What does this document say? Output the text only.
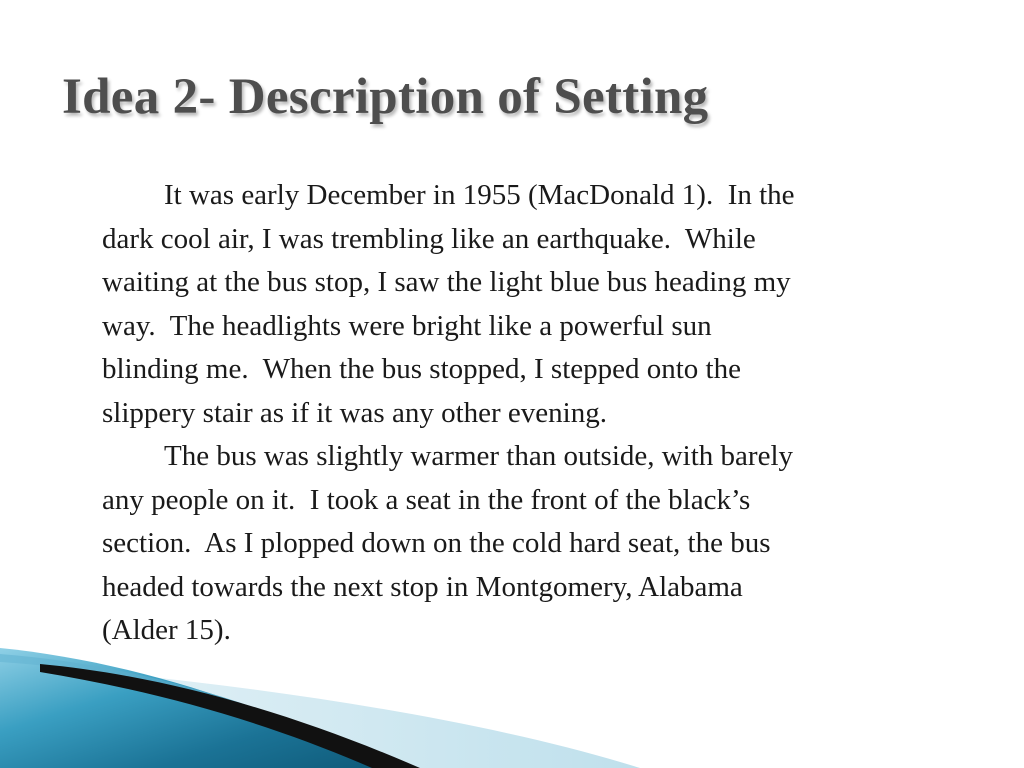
Idea 2- Description of Setting

It was early December in 1955 (MacDonald 1).  In the
dark cool air, I was trembling like an earthquake.  While
waiting at the bus stop, I saw the light blue bus heading my
way.  The headlights were bright like a powerful sun
blinding me.  When the bus stopped, I stepped onto the
slippery stair as if it was any other evening.

The bus was slightly warmer than outside, with barely
any people on it.  I took a seat in the front of the black’s
section.  As I plopped down on the cold hard seat, the bus
headed towards the next stop in Montgomery, Alabama
(Alder 15).
